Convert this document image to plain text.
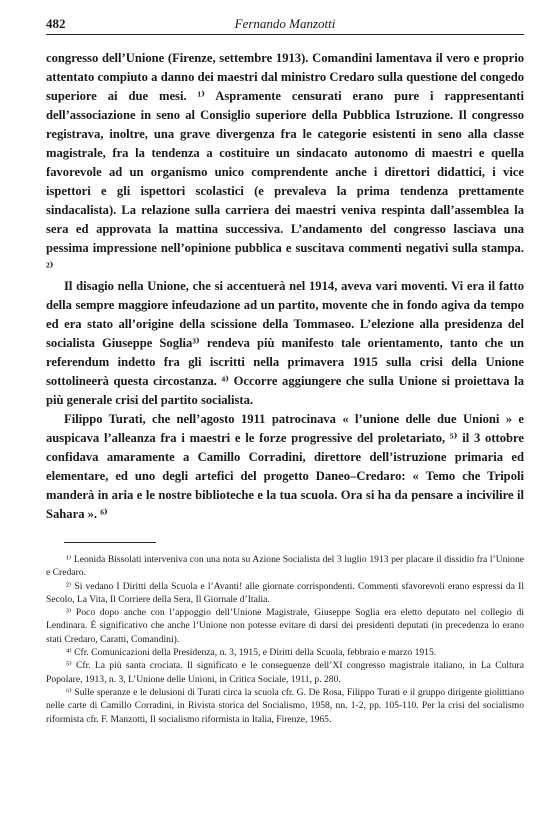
482	Fernando Manzotti

congresso dell’Unione (Firenze, settembre 1913). Comandini lamentava il vero e proprio attentato compiuto a danno dei maestri dal ministro Credaro sulla questione del congedo superiore ai due mesi. ¹⁾ Aspramente censurati erano pure i rappresentanti dell’associazione in seno al Consiglio superiore della Pubblica Istruzione. Il congresso registrava, inoltre, una grave divergenza fra le categorie esistenti in seno alla classe magistrale, fra la tendenza a costituire un sindacato autonomo di maestri e quella favorevole ad un organismo unico comprendente anche i direttori didattici, i vice ispettori e gli ispettori scolastici (e prevaleva la prima tendenza prettamente sindacalista). La relazione sulla carriera dei maestri veniva respinta dall’assemblea la sera ed approvata la mattina successiva. L’andamento del congresso lasciava una pessima impressione nell’opinione pubblica e suscitava commenti negativi sulla stampa. ²⁾

Il disagio nella Unione, che si accentuerà nel 1914, aveva vari moventi. Vi era il fatto della sempre maggiore infeudazione ad un partito, movente che in fondo agiva da tempo ed era stato all’origine della scissione della Tommaseo. L’elezione alla presidenza del socialista Giuseppe Soglia³⁾ rendeva più manifesto tale orientamento, tanto che un referendum indetto fra gli iscritti nella primavera 1915 sulla crisi della Unione sottolineerà questa circostanza. ⁴⁾ Occorre aggiungere che sulla Unione si proiettava la più generale crisi del partito socialista.

Filippo Turati, che nell’agosto 1911 patrocinava « l’unione delle due Unioni » e auspicava l’alleanza fra i maestri e le forze progressive del proletariato, ⁵⁾ il 3 ottobre confidava amaramente a Camillo Corradini, direttore dell’istruzione primaria ed elementare, ed uno degli artefici del progetto Daneo–Credaro: « Temo che Tripoli manderà in aria e le nostre biblioteche e la tua scuola. Ora si ha da pensare a incivilire il Sahara ». ⁶⁾

¹⁾ Leonida Bissolati interveniva con una nota su Azione Socialista del 3 luglio 1913 per placare il dissidio fra l’Unione e Credaro.

²⁾ Si vedano I Diritti della Scuola e l’Avanti! alle giornate corrispondenti. Commenti sfavorevoli erano espressi da Il Secolo, La Vita, Il Corriere della Sera, Il Giornale d’Italia.

³⁾ Poco dopo anche con l’appoggio dell’Unione Magistrale, Giuseppe Soglia era eletto deputato nel collegio di Lendinara. È significativo che anche l’Unione non potesse evitare di darsi dei presidenti deputati (in precedenza lo erano stati Credaro, Caratti, Comandini).

⁴⁾ Cfr. Comunicazioni della Presidenza, n. 3, 1915, e Diritti della Scuola, febbraio e marzo 1915.

⁵⁾ Cfr. La più santa crociata. Il significato e le conseguenze dell’XI congresso magistrale italiano, in La Cultura Popolare, 1913, n. 3, L’Unione delle Unioni, in Critica Sociale, 1911, p. 280.

⁶⁾ Sulle speranze e le delusioni di Turati circa la scuola cfr. G. De Rosa, Filippo Turati e il gruppo dirigente giolittiano nelle carte di Camillo Corradini, in Rivista storica del Socialismo, 1958, nn. 1-2, pp. 105-110. Per la crisi del socialismo riformista cfr. F. Manzotti, Il socialismo riformista in Italia, Firenze, 1965.
